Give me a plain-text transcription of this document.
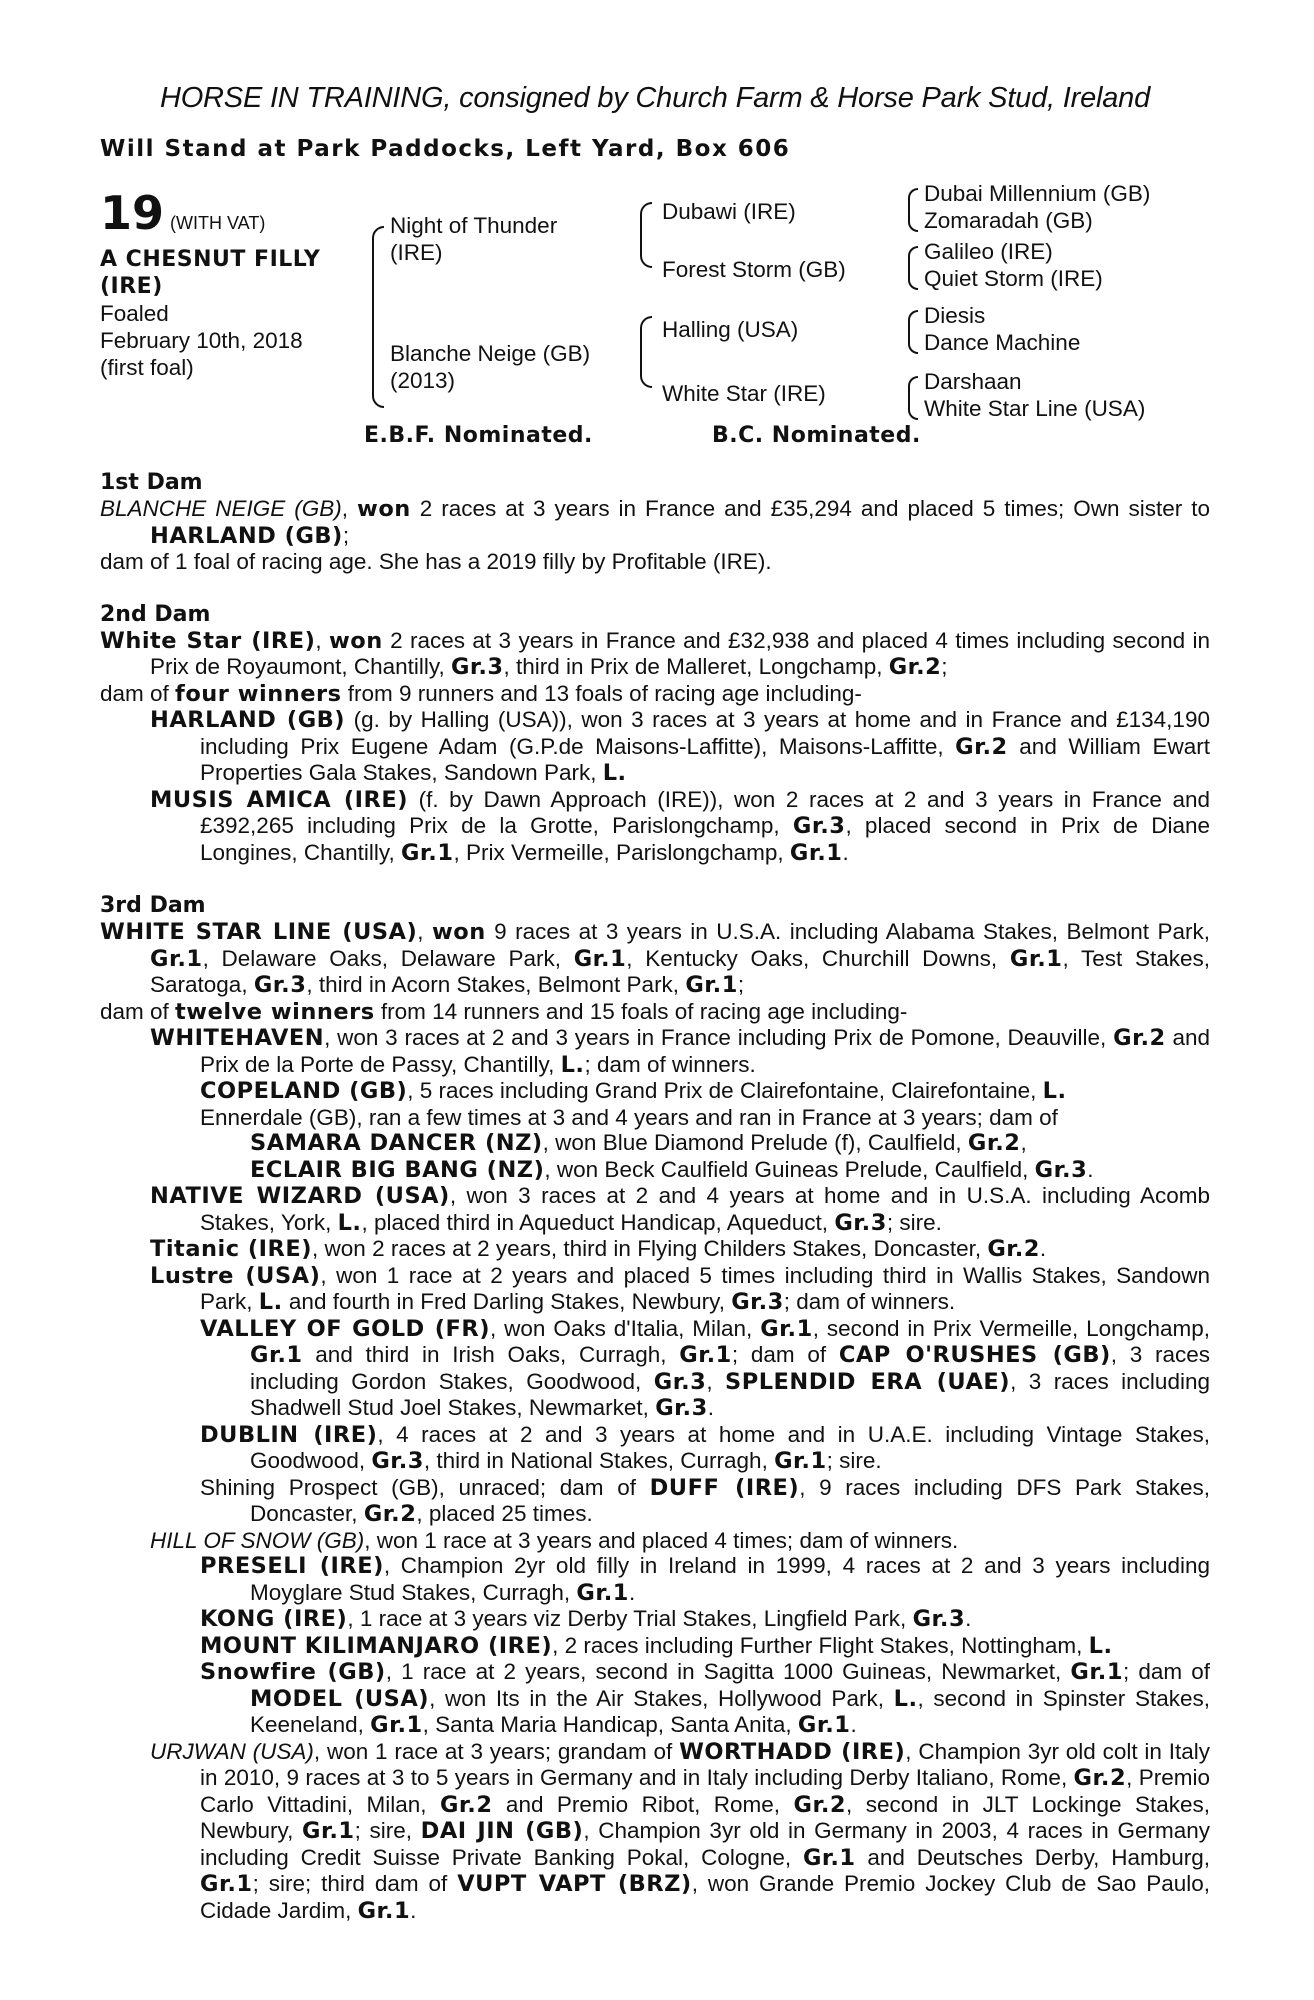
HORSE IN TRAINING, consigned by Church Farm & Horse Park Stud, Ireland

Will Stand at Park Paddocks, Left Yard, Box 606

19 (WITH VAT)
A CHESNUT FILLY
(IRE)
Foaled
February 10th, 2018
(first foal)
Night of Thunder
(IRE)
Blanche Neige (GB)
(2013)
Dubawi (IRE)
Forest Storm (GB)
Halling (USA)
White Star (IRE)
Dubai Millennium (GB)
Zomaradah (GB)
Galileo (IRE)
Quiet Storm (IRE)
Diesis
Dance Machine
Darshaan
White Star Line (USA)
E.B.F. Nominated.	B.C. Nominated.

1st Dam

BLANCHE NEIGE (GB), won 2 races at 3 years in France and £35,294 and placed 5 times; Own sister to HARLAND (GB);

dam of 1 foal of racing age. She has a 2019 filly by Profitable (IRE).

2nd Dam

White Star (IRE), won 2 races at 3 years in France and £32,938 and placed 4 times including second in Prix de Royaumont, Chantilly, Gr.3, third in Prix de Malleret, Longchamp, Gr.2;

dam of four winners from 9 runners and 13 foals of racing age including-

HARLAND (GB) (g. by Halling (USA)), won 3 races at 3 years at home and in France and £134,190 including Prix Eugene Adam (G.P.de Maisons-Laffitte), Maisons-Laffitte, Gr.2 and William Ewart Properties Gala Stakes, Sandown Park, L.

MUSIS AMICA (IRE) (f. by Dawn Approach (IRE)), won 2 races at 2 and 3 years in France and £392,265 including Prix de la Grotte, Parislongchamp, Gr.3, placed second in Prix de Diane Longines, Chantilly, Gr.1, Prix Vermeille, Parislongchamp, Gr.1.

3rd Dam

WHITE STAR LINE (USA), won 9 races at 3 years in U.S.A. including Alabama Stakes, Belmont Park, Gr.1, Delaware Oaks, Delaware Park, Gr.1, Kentucky Oaks, Churchill Downs, Gr.1, Test Stakes, Saratoga, Gr.3, third in Acorn Stakes, Belmont Park, Gr.1;

dam of twelve winners from 14 runners and 15 foals of racing age including-

WHITEHAVEN, won 3 races at 2 and 3 years in France including Prix de Pomone, Deauville, Gr.2 and Prix de la Porte de Passy, Chantilly, L.; dam of winners.

COPELAND (GB), 5 races including Grand Prix de Clairefontaine, Clairefontaine, L.

Ennerdale (GB), ran a few times at 3 and 4 years and ran in France at 3 years; dam of

SAMARA DANCER (NZ), won Blue Diamond Prelude (f), Caulfield, Gr.2,

ECLAIR BIG BANG (NZ), won Beck Caulfield Guineas Prelude, Caulfield, Gr.3.

NATIVE WIZARD (USA), won 3 races at 2 and 4 years at home and in U.S.A. including Acomb Stakes, York, L., placed third in Aqueduct Handicap, Aqueduct, Gr.3; sire.

Titanic (IRE), won 2 races at 2 years, third in Flying Childers Stakes, Doncaster, Gr.2.

Lustre (USA), won 1 race at 2 years and placed 5 times including third in Wallis Stakes, Sandown Park, L. and fourth in Fred Darling Stakes, Newbury, Gr.3; dam of winners.

VALLEY OF GOLD (FR), won Oaks d'Italia, Milan, Gr.1, second in Prix Vermeille, Longchamp, Gr.1 and third in Irish Oaks, Curragh, Gr.1; dam of CAP O'RUSHES (GB), 3 races including Gordon Stakes, Goodwood, Gr.3, SPLENDID ERA (UAE), 3 races including Shadwell Stud Joel Stakes, Newmarket, Gr.3.

DUBLIN (IRE), 4 races at 2 and 3 years at home and in U.A.E. including Vintage Stakes, Goodwood, Gr.3, third in National Stakes, Curragh, Gr.1; sire.

Shining Prospect (GB), unraced; dam of DUFF (IRE), 9 races including DFS Park Stakes, Doncaster, Gr.2, placed 25 times.

HILL OF SNOW (GB), won 1 race at 3 years and placed 4 times; dam of winners.

PRESELI (IRE), Champion 2yr old filly in Ireland in 1999, 4 races at 2 and 3 years including Moyglare Stud Stakes, Curragh, Gr.1.

KONG (IRE), 1 race at 3 years viz Derby Trial Stakes, Lingfield Park, Gr.3.

MOUNT KILIMANJARO (IRE), 2 races including Further Flight Stakes, Nottingham, L.

Snowfire (GB), 1 race at 2 years, second in Sagitta 1000 Guineas, Newmarket, Gr.1; dam of MODEL (USA), won Its in the Air Stakes, Hollywood Park, L., second in Spinster Stakes, Keeneland, Gr.1, Santa Maria Handicap, Santa Anita, Gr.1.

URJWAN (USA), won 1 race at 3 years; grandam of WORTHADD (IRE), Champion 3yr old colt in Italy in 2010, 9 races at 3 to 5 years in Germany and in Italy including Derby Italiano, Rome, Gr.2, Premio Carlo Vittadini, Milan, Gr.2 and Premio Ribot, Rome, Gr.2, second in JLT Lockinge Stakes, Newbury, Gr.1; sire, DAI JIN (GB), Champion 3yr old in Germany in 2003, 4 races in Germany including Credit Suisse Private Banking Pokal, Cologne, Gr.1 and Deutsches Derby, Hamburg, Gr.1; sire; third dam of VUPT VAPT (BRZ), won Grande Premio Jockey Club de Sao Paulo, Cidade Jardim, Gr.1.
